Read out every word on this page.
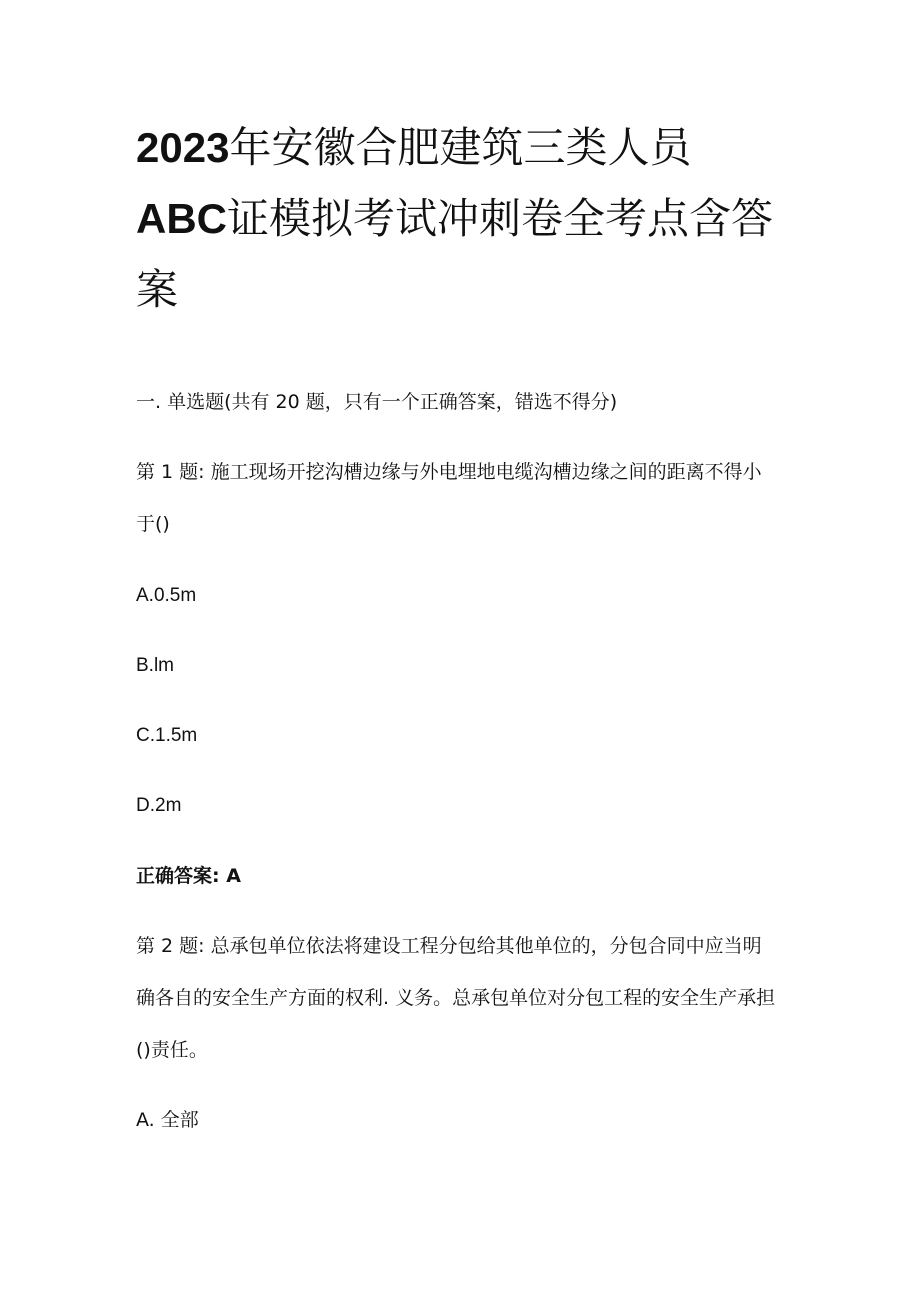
2023年安徽合肥建筑三类人员
ABC证模拟考试冲刺卷全考点含答案

一. 单选题(共有 20 题，只有一个正确答案，错选不得分)

第 1 题: 施工现场开挖沟槽边缘与外电埋地电缆沟槽边缘之间的距离不得小于()

A.0.5m

B.lm

C.1.5m

D.2m

正确答案: A

第 2 题: 总承包单位依法将建设工程分包给其他单位的，分包合同中应当明确各自的安全生产方面的权利. 义务。总承包单位对分包工程的安全生产承担()责任。

A. 全部
